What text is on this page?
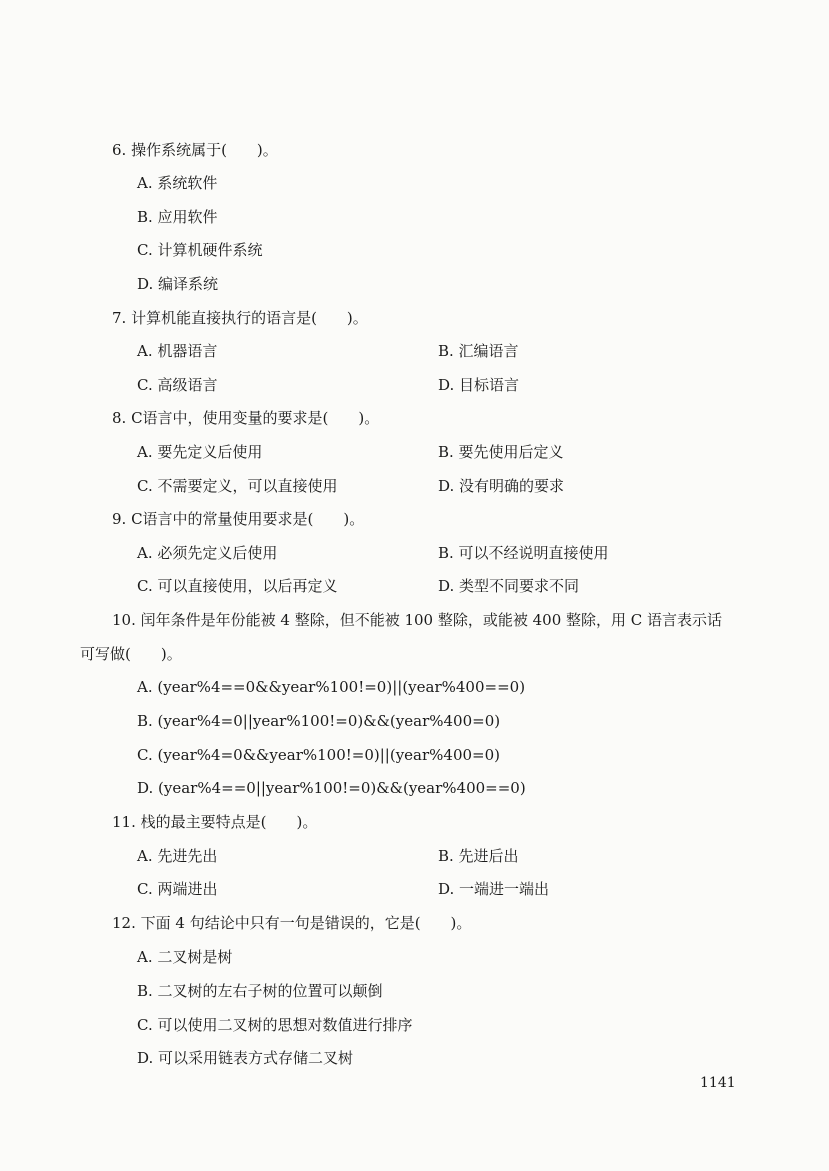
6. 操作系统属于(　　)。
A. 系统软件
B. 应用软件
C. 计算机硬件系统
D. 编译系统
7. 计算机能直接执行的语言是(　　)。
A. 机器语言	B. 汇编语言
C. 高级语言	D. 目标语言
8. C语言中，使用变量的要求是(　　)。
A. 要先定义后使用	B. 要先使用后定义
C. 不需要定义，可以直接使用	D. 没有明确的要求
9. C语言中的常量使用要求是(　　)。
A. 必须先定义后使用	B. 可以不经说明直接使用
C. 可以直接使用，以后再定义	D. 类型不同要求不同
10. 闰年条件是年份能被 4 整除，但不能被 100 整除，或能被 400 整除，用 C 语言表示话
可写做(　　)。
A. (year%4==0&&year%100!=0)||(year%400==0)
B. (year%4=0||year%100!=0)&&(year%400=0)
C. (year%4=0&&year%100!=0)||(year%400=0)
D. (year%4==0||year%100!=0)&&(year%400==0)
11. 栈的最主要特点是(　　)。
A. 先进先出	B. 先进后出
C. 两端进出	D. 一端进一端出
12. 下面 4 句结论中只有一句是错误的，它是(　　)。
A. 二叉树是树
B. 二叉树的左右子树的位置可以颠倒
C. 可以使用二叉树的思想对数值进行排序
D. 可以采用链表方式存储二叉树
1141
